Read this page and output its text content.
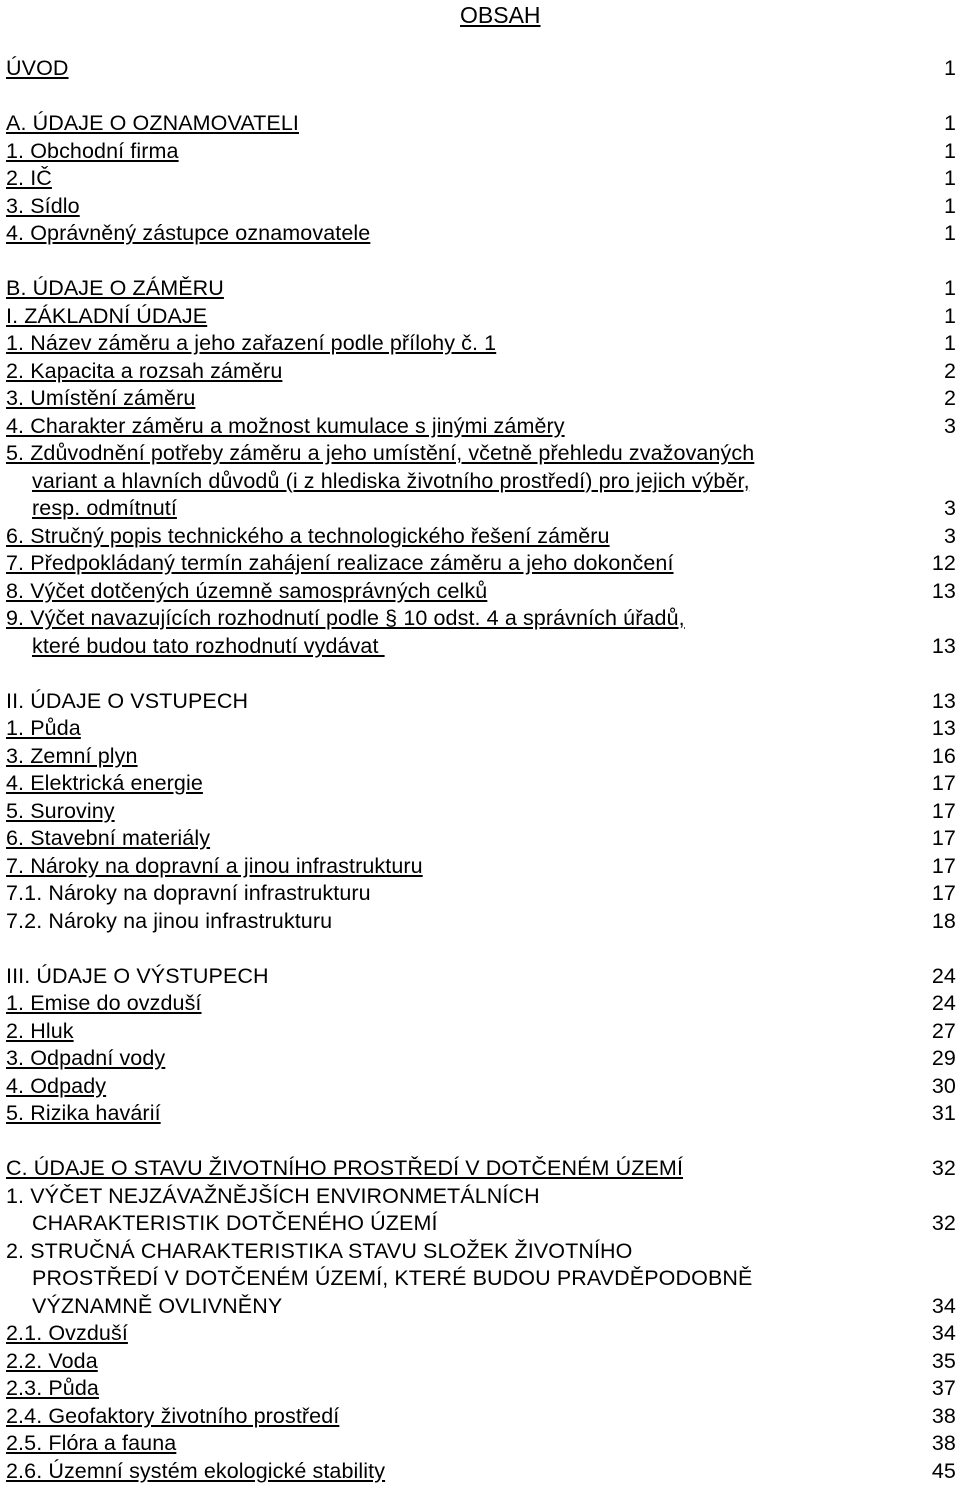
OBSAH
ÚVOD	1
A. ÚDAJE O OZNAMOVATELI	1
1. Obchodní firma	1
2. IČ	1
3. Sídlo	1
4. Oprávněný zástupce oznamovatele	1
B. ÚDAJE O ZÁMĚRU	1
I. ZÁKLADNÍ ÚDAJE	1
1. Název záměru a jeho zařazení podle přílohy č. 1	1
2. Kapacita a rozsah záměru	2
3. Umístění záměru	2
4. Charakter záměru a možnost kumulace s jinými záměry	3
5. Zdůvodnění potřeby záměru a jeho umístění, včetně přehledu zvažovaných
variant a hlavních důvodů (i z hlediska životního prostředí) pro jejich výběr,
resp. odmítnutí	3
6. Stručný popis technického a technologického řešení záměru	3
7. Předpokládaný termín zahájení realizace záměru a jeho dokončení	12
8. Výčet dotčených územně samosprávných celků	13
9. Výčet navazujících rozhodnutí podle § 10 odst. 4 a správních úřadů,
které budou tato rozhodnutí vydávat	13
II. ÚDAJE O VSTUPECH	13
1. Půda	13
3. Zemní plyn	16
4. Elektrická energie	17
5. Suroviny	17
6. Stavební materiály	17
7. Nároky na dopravní a jinou infrastrukturu	17
7.1. Nároky na dopravní infrastrukturu	17
7.2. Nároky na jinou infrastrukturu	18
III. ÚDAJE O VÝSTUPECH	24
1. Emise do ovzduší	24
2. Hluk	27
3. Odpadní vody	29
4. Odpady	30
5. Rizika havárií	31
C. ÚDAJE O STAVU ŽIVOTNÍHO PROSTŘEDÍ V DOTČENÉM ÚZEMÍ	32
1. VÝČET NEJZÁVAŽNĚJŠÍCH ENVIRONMETÁLNÍCH
CHARAKTERISTIK DOTČENÉHO ÚZEMÍ	32
2. STRUČNÁ CHARAKTERISTIKA STAVU SLOŽEK ŽIVOTNÍHO
PROSTŘEDÍ V DOTČENÉM ÚZEMÍ, KTERÉ BUDOU PRAVDĚPODOBNĚ
VÝZNAMNĚ OVLIVNĚNY	34
2.1. Ovzduší	34
2.2. Voda	35
2.3. Půda	37
2.4. Geofaktory životního prostředí	38
2.5. Flóra a fauna	38
2.6. Územní systém ekologické stability	45
